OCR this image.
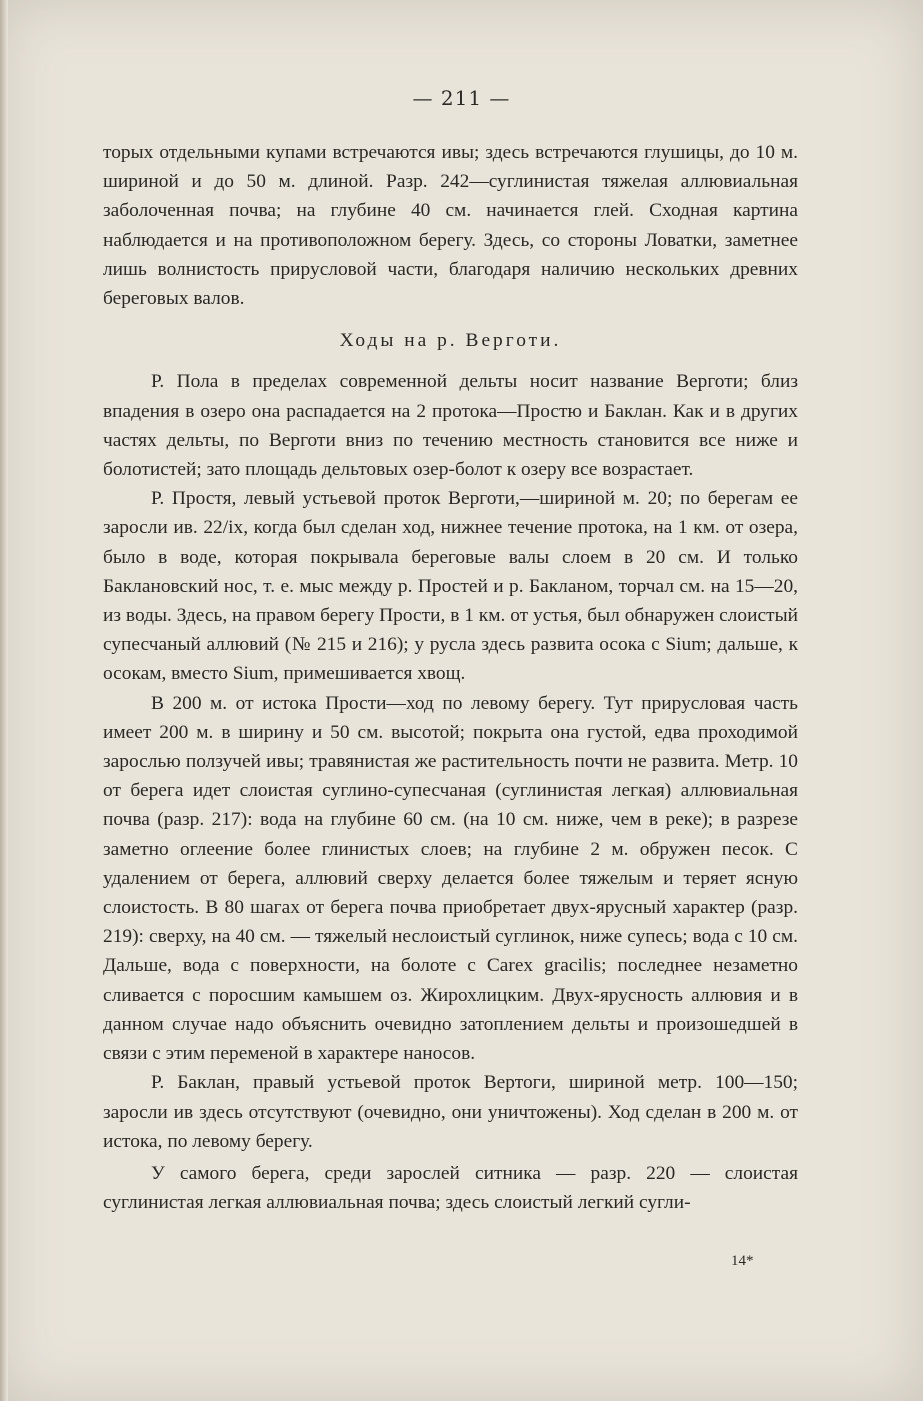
— 211 —

торых отдельными купами встречаются ивы; здесь встречаются глушицы, до 10 м. шириной и до 50 м. длиной. Разр. 242—суглинистая тяжелая аллювиальная заболоченная почва; на глубине 40 см. начинается глей. Сходная картина наблюдается и на противоположном берегу. Здесь, со стороны Ловатки, заметнее лишь волнистость прирусловой части, благодаря наличию нескольких древних береговых валов.

Ходы на р. Верготи.

Р. Пола в пределах современной дельты носит название Верготи; близ впадения в озеро она распадается на 2 протока—Простю и Баклан. Как и в других частях дельты, по Верготи вниз по течению местность становится все ниже и болотистей; зато площадь дельтовых озер-болот к озеру все возрастает.

Р. Простя, левый устьевой проток Верготи,—шириной м. 20; по берегам ее заросли ив. 22/ix, когда был сделан ход, нижнее течение протока, на 1 км. от озера, было в воде, которая покрывала береговые валы слоем в 20 см. И только Баклановский нос, т. е. мыс между р. Простей и р. Бакланом, торчал см. на 15—20, из воды. Здесь, на правом берегу Прости, в 1 км. от устья, был обнаружен слоистый супесчаный аллювий (№ 215 и 216); у русла здесь развита осока с Sium; дальше, к осокам, вместо Sium, примешивается хвощ.

В 200 м. от истока Прости—ход по левому берегу. Тут прирусловая часть имеет 200 м. в ширину и 50 см. высотой; покрыта она густой, едва проходимой зарослью ползучей ивы; травянистая же растительность почти не развита. Метр. 10 от берега идет слоистая суглино-супесчаная (суглинистая легкая) аллювиальная почва (разр. 217): вода на глубине 60 см. (на 10 см. ниже, чем в реке); в разрезе заметно оглеение более глинистых слоев; на глубине 2 м. обружен песок. С удалением от берега, аллювий сверху делается более тяжелым и теряет ясную слоистость. В 80 шагах от берега почва приобретает двух-ярусный характер (разр. 219): сверху, на 40 см. — тяжелый неслоистый суглинок, ниже супесь; вода с 10 см. Дальше, вода с поверхности, на болоте с Carex gracilis; последнее незаметно сливается с поросшим камышем оз. Жирохлицким. Двух-ярусность аллювия и в данном случае надо объяснить очевидно затоплением дельты и произошедшей в связи с этим переменой в характере наносов.

Р. Баклан, правый устьевой проток Вертоги, шириной метр. 100—150; заросли ив здесь отсутствуют (очевидно, они уничтожены). Ход сделан в 200 м. от истока, по левому берегу.

У самого берега, среди зарослей ситника — разр. 220 — слоистая суглинистая легкая аллювиальная почва; здесь слоистый легкий сугли-

14*
